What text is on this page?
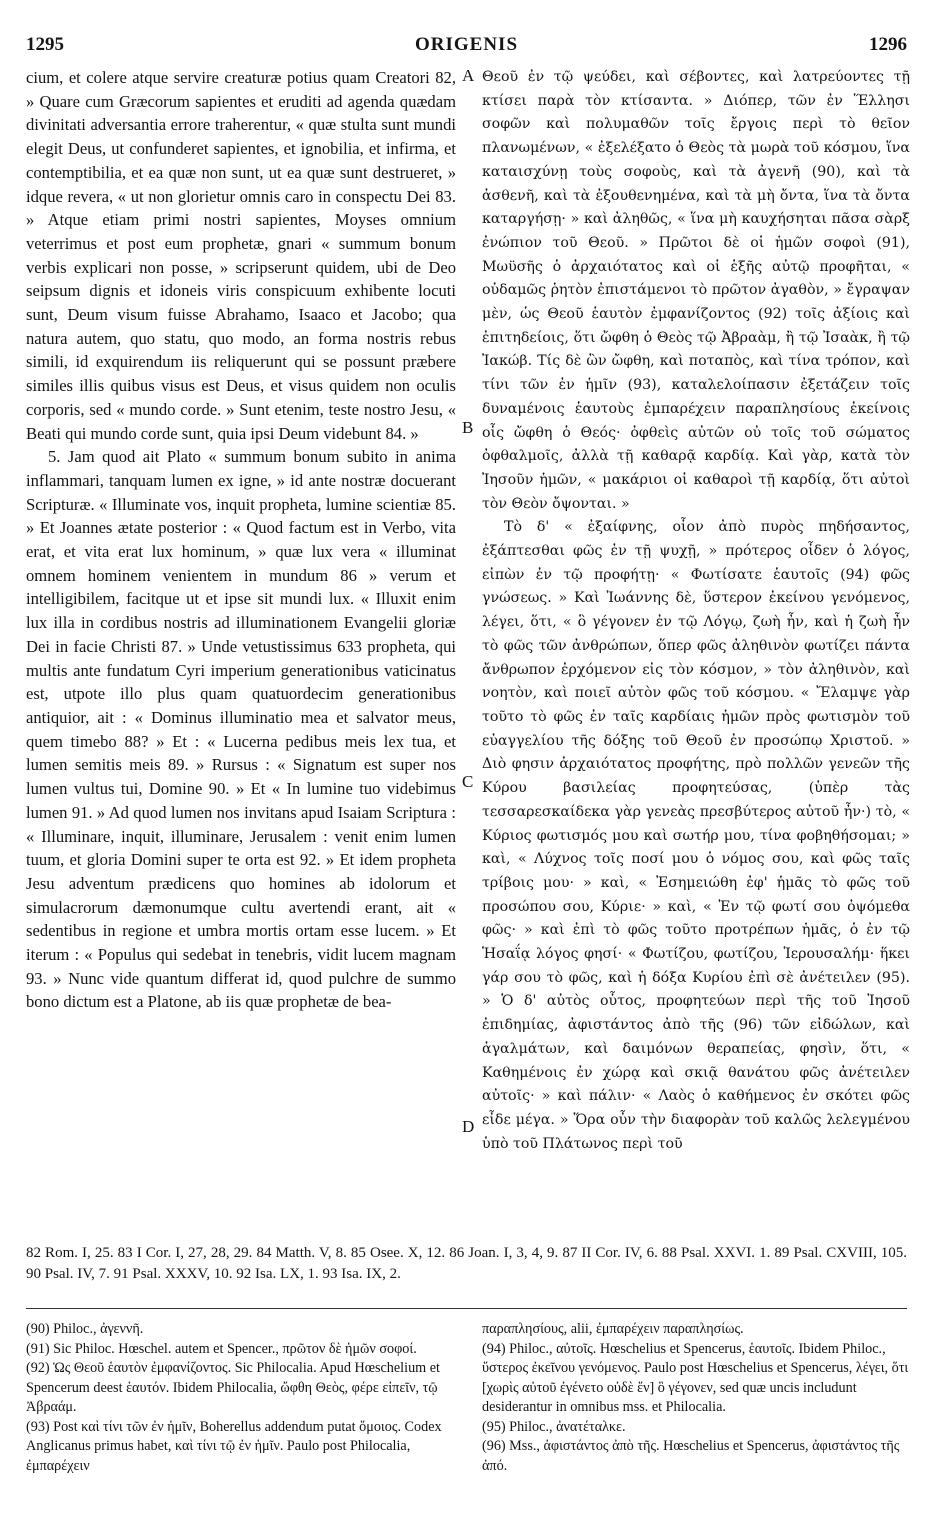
1295	ORIGENIS	1296

cium, et colere atque servire creaturæ potius quam Creatori 82, » Quare cum Græcorum sapientes et eruditi ad agenda quædam divinitati adversantia errore traherentur, « quæ stulta sunt mundi elegit Deus, ut confunderet sapientes, et ignobilia, et infirma, et contemptibilia, et ea quæ non sunt, ut ea quæ sunt destrueret, » idque revera, « ut non glorietur omnis caro in conspectu Dei 83. » Atque etiam primi nostri sapientes, Moyses omnium veterrimus et post eum prophetæ, gnari « summum bonum verbis explicari non posse, » scripserunt quidem, ubi de Deo seipsum dignis et idoneis viris conspicuum exhibente locuti sunt, Deum visum fuisse Abrahamo, Isaaco et Jacobo; qua natura autem, quo statu, quo modo, an forma nostris rebus simili, id exquirendum iis reliquerunt qui se possunt præbere similes illis quibus visus est Deus, et visus quidem non oculis corporis, sed « mundo corde. » Sunt etenim, teste nostro Jesu, « Beati qui mundo corde sunt, quia ipsi Deum videbunt 84. »

5. Jam quod ait Plato « summum bonum subito in anima inflammari, tanquam lumen ex igne, » id ante nostræ docuerant Scripturæ. « Illuminate vos, inquit propheta, lumine scientiæ 85. » Et Joannes ætate posterior : « Quod factum est in Verbo, vita erat, et vita erat lux hominum, » quæ lux vera « illuminat omnem hominem venientem in mundum 86 » verum et intelligibilem, facitque ut et ipse sit mundi lux. « Illuxit enim lux illa in cordibus nostris ad illuminationem Evangelii gloriæ Dei in facie Christi 87. » Unde vetustissimus 633 propheta, qui multis ante fundatum Cyri imperium generationibus vaticinatus est, utpote illo plus quam quatuordecim generationibus antiquior, ait : « Dominus illuminatio mea et salvator meus, quem timebo 88? » Et : « Lucerna pedibus meis lex tua, et lumen semitis meis 89. » Rursus : « Signatum est super nos lumen vultus tui, Domine 90. » Et « In lumine tuo videbimus lumen 91. » Ad quod lumen nos invitans apud Isaiam Scriptura : « Illuminare, inquit, illuminare, Jerusalem : venit enim lumen tuum, et gloria Domini super te orta est 92. » Et idem propheta Jesu adventum prædicens quo homines ab idolorum et simulacrorum dæmonumque cultu avertendi erant, ait « sedentibus in regione et umbra mortis ortam esse lucem. » Et iterum : « Populus qui sedebat in tenebris, vidit lucem magnam 93. » Nunc vide quantum differat id, quod pulchre de summo bono dictum est a Platone, ab iis quæ prophetæ de bea-

A
B
C
D

Θεοῦ ἐν τῷ ψεύδει, καὶ σέβοντες, καὶ λατρεύοντες τῇ κτίσει παρὰ τὸν κτίσαντα. » Διόπερ, τῶν ἐν Ἕλλησι σοφῶν καὶ πολυμαθῶν τοῖς ἔργοις περὶ τὸ θεῖον πλανωμένων, « ἐξελέξατο ὁ Θεὸς τὰ μωρὰ τοῦ κόσμου, ἵνα καταισχύνῃ τοὺς σοφοὺς, καὶ τὰ ἀγενῆ (90), καὶ τὰ ἀσθενῆ, καὶ τὰ ἐξουθενημένα, καὶ τὰ μὴ ὄντα, ἵνα τὰ ὄντα καταργήσῃ· » καὶ ἀληθῶς, « ἵνα μὴ καυχήσηται πᾶσα σὰρξ ἐνώπιον τοῦ Θεοῦ. » Πρῶτοι δὲ οἱ ἡμῶν σοφοὶ (91), Μωϋσῆς ὁ ἀρχαιότατος καὶ οἱ ἑξῆς αὐτῷ προφῆται, « οὐδαμῶς ῥητὸν ἐπιστάμενοι τὸ πρῶτον ἀγαθὸν, » ἔγραψαν μὲν, ὡς Θεοῦ ἑαυτὸν ἐμφανίζοντος (92) τοῖς ἀξίοις καὶ ἐπιτηδείοις, ὅτι ὤφθη ὁ Θεὸς τῷ Ἀβραὰμ, ἢ τῷ Ἰσαὰκ, ἢ τῷ Ἰακώβ. Τίς δὲ ὢν ὤφθη, καὶ ποταπὸς, καὶ τίνα τρόπον, καὶ τίνι τῶν ἐν ἡμῖν (93), καταλελοίπασιν ἐξετάζειν τοῖς δυναμένοις ἑαυτοὺς ἐμπαρέχειν παραπλησίους ἐκείνοις οἷς ὤφθη ὁ Θεός· ὀφθεὶς αὐτῶν οὐ τοῖς τοῦ σώματος ὀφθαλμοῖς, ἀλλὰ τῇ καθαρᾷ καρδίᾳ. Καὶ γὰρ, κατὰ τὸν Ἰησοῦν ἡμῶν, « μακάριοι οἱ καθαροὶ τῇ καρδίᾳ, ὅτι αὐτοὶ τὸν Θεὸν ὄψονται. »

Τὸ δ' « ἐξαίφνης, οἷον ἀπὸ πυρὸς πηδήσαντος, ἐξάπτεσθαι φῶς ἐν τῇ ψυχῇ, » πρότερος οἶδεν ὁ λόγος, εἰπὼν ἐν τῷ προφήτῃ· « Φωτίσατε ἑαυτοῖς (94) φῶς γνώσεως. » Καὶ Ἰωάννης δὲ, ὕστερον ἐκείνου γενόμενος, λέγει, ὅτι, « ὃ γέγονεν ἐν τῷ Λόγῳ, ζωὴ ἦν, καὶ ἡ ζωὴ ἦν τὸ φῶς τῶν ἀνθρώπων, ὅπερ φῶς ἀληθινὸν φωτίζει πάντα ἄνθρωπον ἐρχόμενον εἰς τὸν κόσμον, » τὸν ἀληθινὸν, καὶ νοητὸν, καὶ ποιεῖ αὐτὸν φῶς τοῦ κόσμου. « Ἔλαμψε γὰρ τοῦτο τὸ φῶς ἐν ταῖς καρδίαις ἡμῶν πρὸς φωτισμὸν τοῦ εὐαγγελίου τῆς δόξης τοῦ Θεοῦ ἐν προσώπῳ Χριστοῦ. » Διὸ φησιν ἀρχαιότατος προφήτης, πρὸ πολλῶν γενεῶν τῆς Κύρου βασιλείας προφητεύσας, (ὑπὲρ τὰς τεσσαρεσκαίδεκα γὰρ γενεὰς πρεσβύτερος αὐτοῦ ἦν·) τὸ, « Κύριος φωτισμός μου καὶ σωτήρ μου, τίνα φοβηθήσομαι; » καὶ, « Λύχνος τοῖς ποσί μου ὁ νόμος σου, καὶ φῶς ταῖς τρίβοις μου· » καὶ, « Ἐσημειώθη ἐφ' ἡμᾶς τὸ φῶς τοῦ προσώπου σου, Κύριε· » καὶ, « Ἐν τῷ φωτί σου ὀψόμεθα φῶς· » καὶ ἐπὶ τὸ φῶς τοῦτο προτρέπων ἡμᾶς, ὁ ἐν τῷ Ἡσαΐᾳ λόγος φησί· « Φωτίζου, φωτίζου, Ἱερουσαλήμ· ἥκει γάρ σου τὸ φῶς, καὶ ἡ δόξα Κυρίου ἐπὶ σὲ ἀνέτειλεν (95). » Ὁ δ' αὐτὸς οὗτος, προφητεύων περὶ τῆς τοῦ Ἰησοῦ ἐπιδημίας, ἀφιστάντος ἀπὸ τῆς (96) τῶν εἰδώλων, καὶ ἀγαλμάτων, καὶ δαιμόνων θεραπείας, φησὶν, ὅτι, « Καθημένοις ἐν χώρᾳ καὶ σκιᾷ θανάτου φῶς ἀνέτειλεν αὐτοῖς· » καὶ πάλιν· « Λαὸς ὁ καθήμενος ἐν σκότει φῶς εἶδε μέγα. » Ὅρα οὖν τὴν διαφορὰν τοῦ καλῶς λελεγμένου ὑπὸ τοῦ Πλάτωνος περὶ τοῦ

82 Rom. I, 25. 83 I Cor. I, 27, 28, 29. 84 Matth. V, 8. 85 Osee. X, 12. 86 Joan. I, 3, 4, 9. 87 II Cor. IV, 6. 88 Psal. XXVI. 1. 89 Psal. CXVIII, 105. 90 Psal. IV, 7. 91 Psal. XXXV, 10. 92 Isa. LX, 1. 93 Isa. IX, 2.

(90) Philoc., ἀγεννῆ.

(91) Sic Philoc. Hœschel. autem et Spencer., πρῶτον δὲ ἡμῶν σοφοί.

(92) Ὡς Θεοῦ ἑαυτὸν ἐμφανίζοντος. Sic Philocalia. Apud Hœschelium et Spencerum deest ἑαυτόν. Ibidem Philocalia, ὤφθη Θεὸς, φέρε εἰπεῖν, τῷ Ἀβραάμ.

(93) Post καὶ τίνι τῶν ἐν ἡμῖν, Boherellus addendum putat ὅμοιος. Codex Anglicanus primus habet, καὶ τίνι τῷ ἐν ἡμῖν. Paulo post Philocalia, ἐμπαρέχειν

παραπλησίους, alii, ἐμπαρέχειν παραπλησίως.

(94) Philoc., αὐτοῖς. Hœschelius et Spencerus, ἑαυτοῖς. Ibidem Philoc., ὕστερος ἐκεῖνου γενόμενος. Paulo post Hœschelius et Spencerus, λέγει, ὅτι [χωρὶς αὐτοῦ ἐγένετο οὐδὲ ἕν] ὃ γέγονεν, sed quæ uncis includunt desiderantur in omnibus mss. et Philocalia.

(95) Philoc., ἀνατέταλκε.

(96) Mss., ἀφιστάντος ἀπὸ τῆς. Hœschelius et Spencerus, ἀφιστάντος τῆς ἀπό.
